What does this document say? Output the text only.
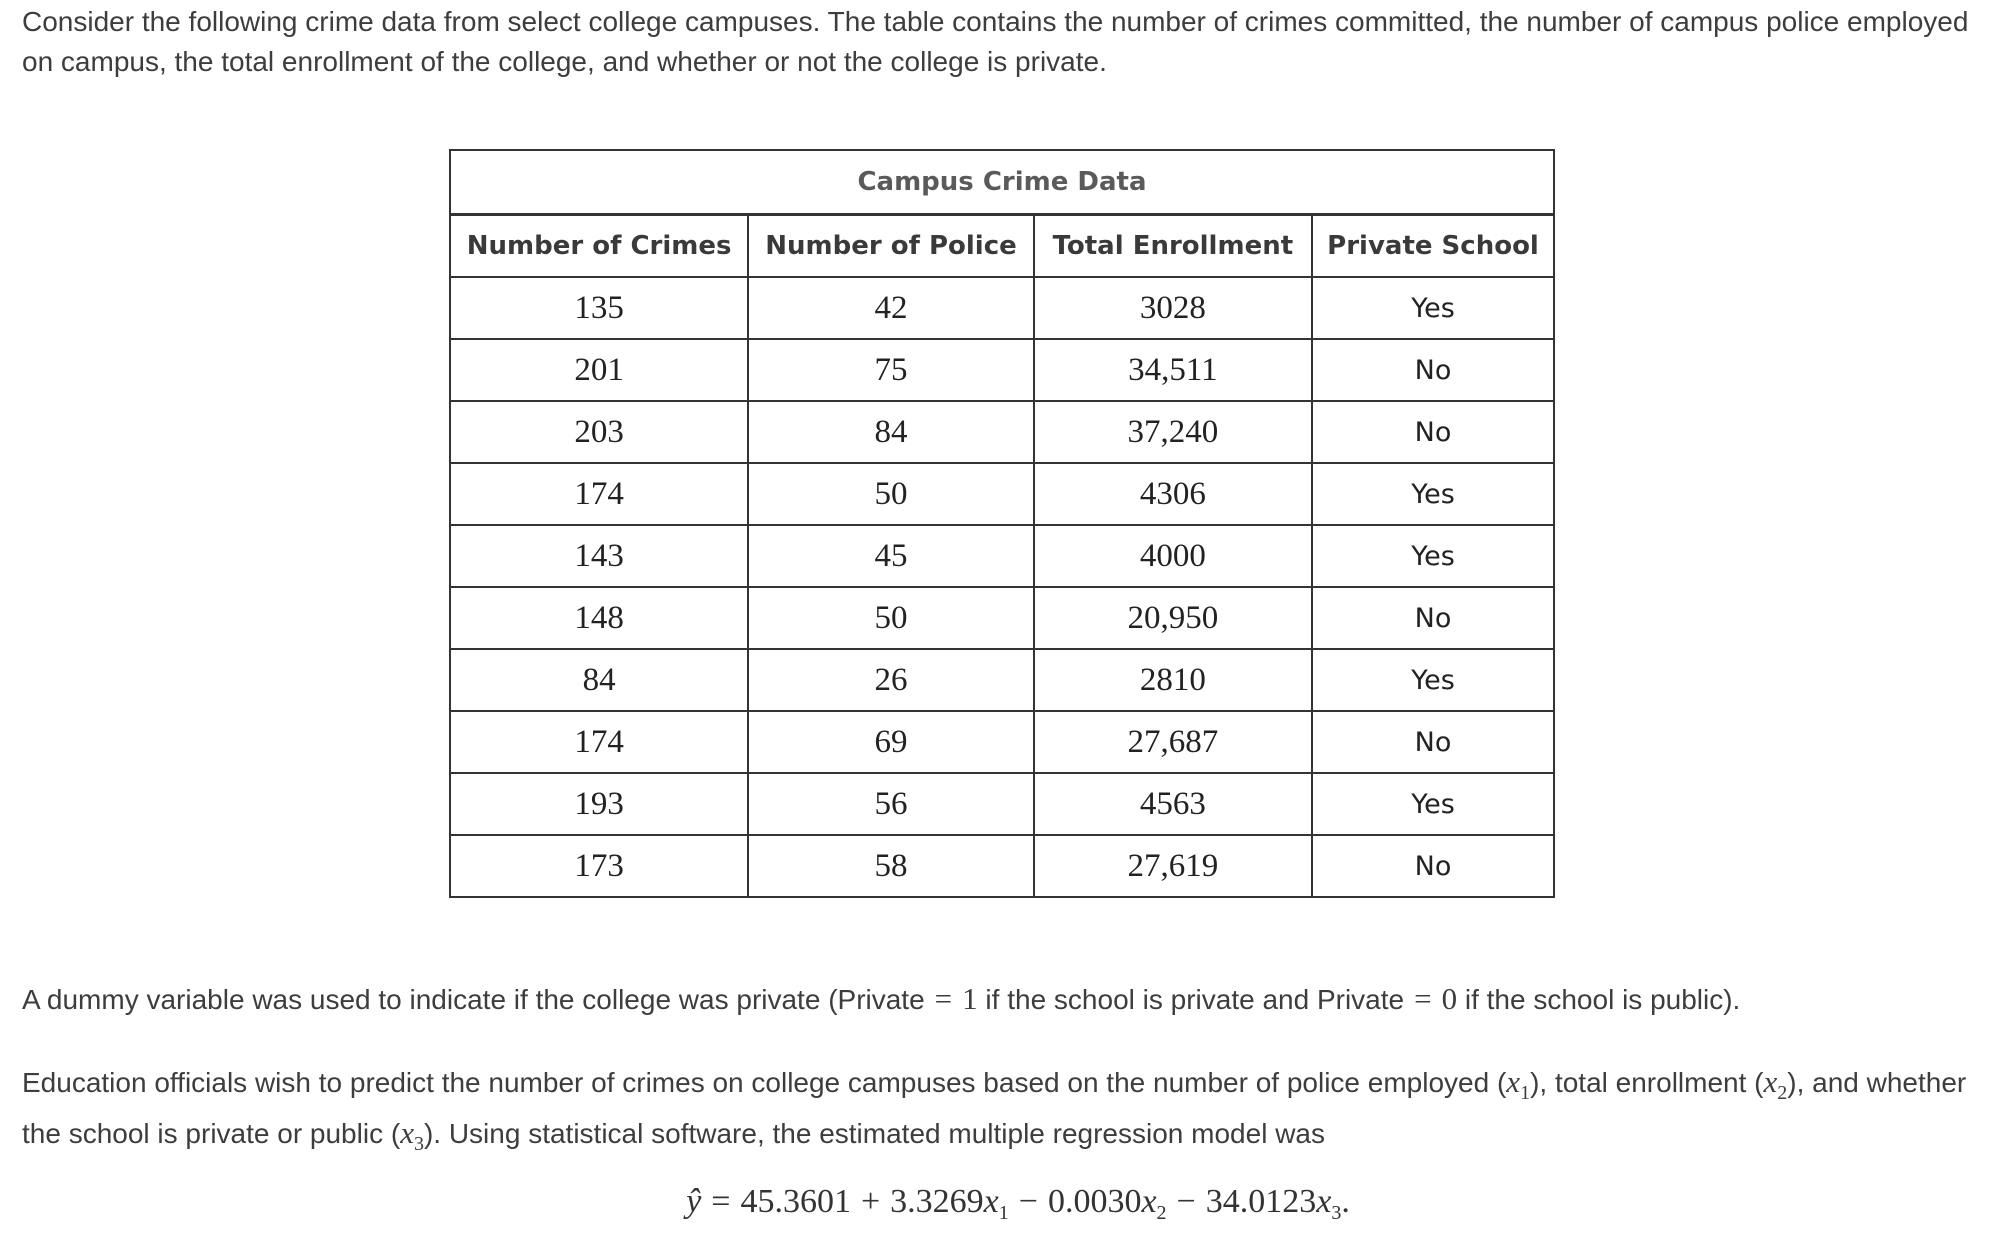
Consider the following crime data from select college campuses. The table contains the number of crimes committed, the number of campus police employed on campus, the total enrollment of the college, and whether or not the college is private.

Campus Crime Data			
Number of Crimes	Number of Police	Total Enrollment	Private School
135	42	3028	Yes
201	75	34,511	No
203	84	37,240	No
174	50	4306	Yes
143	45	4000	Yes
148	50	20,950	No
84	26	2810	Yes
174	69	27,687	No
193	56	4563	Yes
173	58	27,619	No

A dummy variable was used to indicate if the college was private (Private = 1 if the school is private and Private = 0 if the school is public).

Education officials wish to predict the number of crimes on college campuses based on the number of police employed $(x_1)$, total enrollment $(x_2)$, and whether the school is private or public $(x_3)$. Using statistical software, the estimated multiple regression model was

ŷ = $45.3601 + 3.3269x_1 - 0.0030x_2 - 34.0123x_3$.
